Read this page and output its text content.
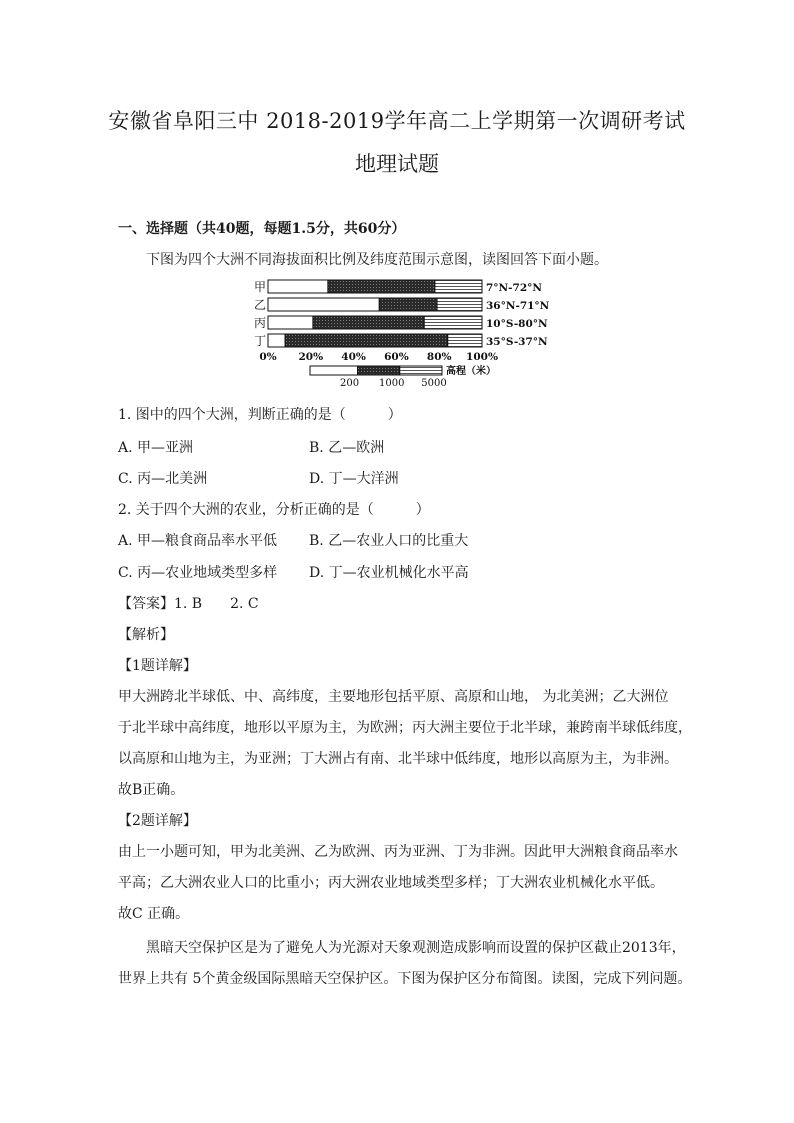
安徽省阜阳三中 2018-2019学年高二上学期第一次调研考试
地理试题
一、选择题（共40题，每题1.5分，共60分）
下图为四个大洲不同海拔面积比例及纬度范围示意图，读图回答下面小题。
甲	7°N-72°N
乙	36°N-71°N
丙	10°S-80°N
丁	35°S-37°N
0% 20% 40% 60% 80% 100%
高程（米）
200 1000 5000
1. 图中的四个大洲，判断正确的是（　　　）
A. 甲—亚洲	B. 乙—欧洲
C. 丙—北美洲	D. 丁—大洋洲
2. 关于四个大洲的农业，分析正确的是（　　　）
A. 甲—粮食商品率水平低 B. 乙—农业人口的比重大
C. 丙—农业地域类型多样 D. 丁—农业机械化水平高
【答案】1. B　　2. C
【解析】
【1题详解】
甲大洲跨北半球低、中、高纬度，主要地形包括平原、高原和山地， 为北美洲；乙大洲位
于北半球中高纬度，地形以平原为主，为欧洲；丙大洲主要位于北半球，兼跨南半球低纬度，
以高原和山地为主，为亚洲；丁大洲占有南、北半球中低纬度，地形以高原为主，为非洲。
故B正确。
【2题详解】
由上一小题可知，甲为北美洲、乙为欧洲、丙为亚洲、丁为非洲。因此甲大洲粮食商品率水
平高；乙大洲农业人口的比重小；丙大洲农业地域类型多样；丁大洲农业机械化水平低。
故C 正确。
黑暗天空保护区是为了避免人为光源对天象观测造成影响而设置的保护区截止2013年，
世界上共有 5个黄金级国际黑暗天空保护区。下图为保护区分布简图。读图，完成下列问题。
